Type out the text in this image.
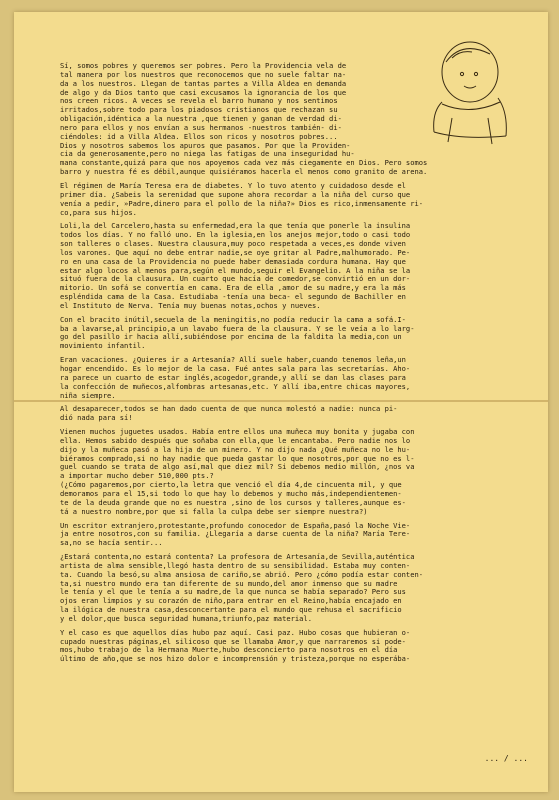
Sí, somos pobres y queremos ser pobres. Pero la Providencia vela de
tal manera por los nuestros que reconocemos que no suele faltar na-
da a los nuestros. Llegan de tantas partes a Villa Aldea en demanda
de algo y da Dios tanto que casi excusamos la ignorancia de los que
nos creen ricos. A veces se revela el barro humano y nos sentimos
irritados,sobre todo para los piadosos cristianos que rechazan su
obligación,idéntica a la nuestra ,que tienen y ganan de verdad di-
nero para ellos y nos envían a sus hermanos -nuestros también- di-
ciéndoles: id a Villa Aldea. Ellos son ricos y nosotros pobres...
Dios y nosotros sabemos los apuros que pasamos. Por que la Providen-
cia da generosamente,pero no niega las fatigas de una inseguridad hu-
mana constante,quizá para que nos apoyemos cada vez más ciegamente en Dios. Pero somos
barro y nuestra fé es débil,aunque quisiéramos hacerla el menos como granito de arena.

El régimen de María Teresa era de diabetes. Y lo tuvo atento y cuidadoso desde el
primer día. ¿Sabeis la serenidad que supone ahora recordar a la niña del curso que
venía a pedir, »Padre,dinero para el pollo de la niña?» Dios es rico,inmensamente ri-
co,para sus hijos.

Loli,la del Carcelero,hasta su enfermedad,era la que tenía que ponerle la insulina
todos los días. Y no falló uno. En la iglesia,en los anejos mejor,todo o casi todo
son talleres o clases. Nuestra clausura,muy poco respetada a veces,es donde viven
los varones. Que aquí no debe entrar nadie,se oye gritar al Padre,malhumorado. Pe-
ro en una casa de la Providencia no puede haber demasiada cordura humana. Hay que
estar algo locos al menos para,según el mundo,seguir el Evangelio. A la niña se la
situó fuera de la clausura. Un cuarto que hacía de comedor,se convirtió en un dor-
mitorio. Un sofá se convertía en cama. Era de ella ,amor de su madre,y era la más
espléndida cama de la Casa. Estudiaba -tenía una beca- el segundo de Bachiller en
el Instituto de Nerva. Tenía muy buenas notas,ochos y nueves.

Con el bracito inútil,secuela de la meningitis,no podía reducir la cama a sofá.I-
ba a lavarse,al principio,a un lavabo fuera de la clausura. Y se le veía a lo larg-
go del pasillo ir hacia allí,subiéndose por encima de la faldita la media,con un
movimiento infantil.

Eran vacaciones. ¿Quieres ir a Artesanía? Allí suele haber,cuando tenemos leña,un
hogar encendido. Es lo mejor de la casa. Fué antes sala para las secretarías. Aho-
ra parece un cuarto de estar inglés,acogedor,grande,y allí se dan las clases para
la confección de muñecos,alfombras artesanas,etc. Y allí iba,entre chicas mayores,
niña siempre.

Al desaparecer,todos se han dado cuenta de que nunca molestó a nadie: nunca pi-
dió nada para sí!

Vienen muchos juguetes usados. Había entre ellos una muñeca muy bonita y jugaba con
ella. Hemos sabido después que soñaba con ella,que le encantaba. Pero nadie nos lo
dijo y la muñeca pasó a la hija de un minero. Y no dijo nada ¿Qué muñeca no le hu-
biéramos comprado,si no hay nadie que pueda gastar lo que nosotros,por que no es l-
guel cuando se trata de algo así,mal que diez mil? Si debemos medio millón, ¿nos va
a importar mucho deber 510,000 pts.?
(¿Cómo pagaremos,por cierto,la letra que venció el día 4,de cincuenta mil, y que
demoramos para el 15,si todo lo que hay lo debemos y mucho más,independientemen-
te de la deuda grande que no es nuestra ,sino de los cursos y talleres,aunque es-
tá a nuestro nombre,por que si falla la culpa debe ser siempre nuestra?)

Un escritor extranjero,protestante,profundo conocedor de España,pasó la Noche Vie-
ja entre nosotros,con su familia. ¿Llegaría a darse cuenta de la niña? María Tere-
sa,no se hacía sentir...

¿Estará contenta,no estará contenta? La profesora de Artesanía,de Sevilla,auténtica
artista de alma sensible,llegó hasta dentro de su sensibilidad. Estaba muy conten-
ta. Cuando la besó,su alma ansiosa de cariño,se abrió. Pero ¿cómo podía estar conten-
ta,si nuestro mundo era tan diferente de su mundo,del amor inmenso que su madre
le tenía y el que le tenía a su madre,de la que nunca se había separado? Pero sus
ojos eran limpios y su corazón de niño,para entrar en el Reino,había encajado en
la ilógica de nuestra casa,desconcertante para el mundo que rehusa el sacrificio
y el dolor,que busca seguridad humana,triunfo,paz material.

Y el caso es que aquellos días hubo paz aquí. Casi paz. Hubo cosas que hubieran o-
cupado nuestras páginas,el silicoso que se llamaba Amor,y que narraremos si pode-
mos,hubo trabajo de la Hermana Muerte,hubo desconcierto para nosotros en el día
último de año,que se nos hizo dolor e incomprensión y tristeza,porque no esperába-

... / ...
